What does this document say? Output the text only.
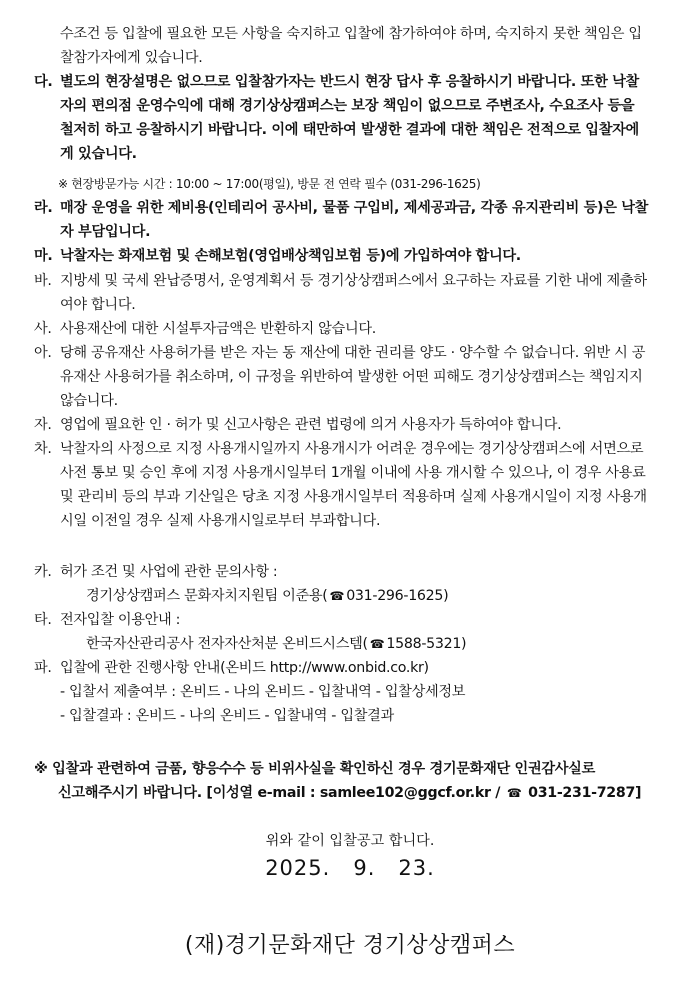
수조건 등 입찰에 필요한 모든 사항을 숙지하고 입찰에 참가하여야 하며, 숙지하지 못한 책임은 입찰참가자에게 있습니다.
다. 별도의 현장설명은 없으므로 입찰참가자는 반드시 현장 답사 후 응찰하시기 바랍니다. 또한 낙찰자의 편의점 운영수익에 대해 경기상상캠퍼스는 보장 책임이 없으므로 주변조사, 수요조사 등을 철저히 하고 응찰하시기 바랍니다. 이에 태만하여 발생한 결과에 대한 책임은 전적으로 입찰자에게 있습니다.
※ 현장방문가능 시간 : 10:00 ~ 17:00(평일), 방문 전 연락 필수 (031-296-1625)
라. 매장 운영을 위한 제비용(인테리어 공사비, 물품 구입비, 제세공과금, 각종 유지관리비 등)은 낙찰자 부담입니다.
마. 낙찰자는 화재보험 및 손해보험(영업배상책임보험 등)에 가입하여야 합니다.
바. 지방세 및 국세 완납증명서, 운영계획서 등 경기상상캠퍼스에서 요구하는 자료를 기한 내에 제출하여야 합니다.
사. 사용재산에 대한 시설투자금액은 반환하지 않습니다.
아. 당해 공유재산 사용허가를 받은 자는 동 재산에 대한 권리를 양도 · 양수할 수 없습니다. 위반 시 공유재산 사용허가를 취소하며, 이 규정을 위반하여 발생한 어떤 피해도 경기상상캠퍼스는 책임지지 않습니다.
자. 영업에 필요한 인 · 허가 및 신고사항은 관련 법령에 의거 사용자가 득하여야 합니다.
차. 낙찰자의 사정으로 지정 사용개시일까지 사용개시가 어려운 경우에는 경기상상캠퍼스에 서면으로 사전 통보 및 승인 후에 지정 사용개시일부터 1개월 이내에 사용 개시할 수 있으나, 이 경우 사용료 및 관리비 등의 부과 기산일은 당초 지정 사용개시일부터 적용하며 실제 사용개시일이 지정 사용개시일 이전일 경우 실제 사용개시일로부터 부과합니다.
카. 허가 조건 및 사업에 관한 문의사항 :
경기상상캠퍼스 문화자치지원팀 이준용( ☎ 031-296-1625)
타. 전자입찰 이용안내 :
한국자산관리공사 전자자산처분 온비드시스템( ☎ 1588-5321)
파. 입찰에 관한 진행사항 안내(온비드 http://www.onbid.co.kr)
- 입찰서 제출여부 : 온비드 - 나의 온비드 - 입찰내역 - 입찰상세정보
- 입찰결과 : 온비드 - 나의 온비드 - 입찰내역 - 입찰결과
※ 입찰과 관련하여 금품, 향응수수 등 비위사실을 확인하신 경우 경기문화재단 인권감사실로
신고해주시기 바랍니다. [이성열 e-mail : samlee102@ggcf.or.kr / ☎ 031-231-7287]
위와 같이 입찰공고 합니다.
2025.   9.   23.
(재)경기문화재단 경기상상캠퍼스
